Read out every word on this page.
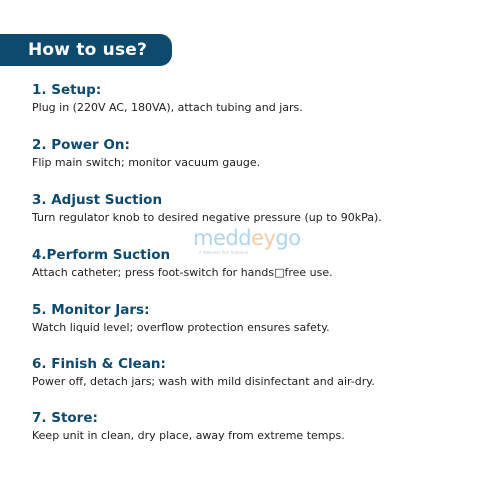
How to use?
meddeygo
A Wellness Pvt. Initiative
1. Setup:
Plug in (220V AC, 180VA), attach tubing and jars.
2. Power On:
Flip main switch; monitor vacuum gauge.
3. Adjust Suction
Turn regulator knob to desired negative pressure (up to 90kPa).
4.Perform Suction
Attach catheter; press foot-switch for hands□free use.
5. Monitor Jars:
Watch liquid level; overflow protection ensures safety.
6. Finish & Clean:
Power off, detach jars; wash with mild disinfectant and air-dry.
7. Store:
Keep unit in clean, dry place, away from extreme temps.
